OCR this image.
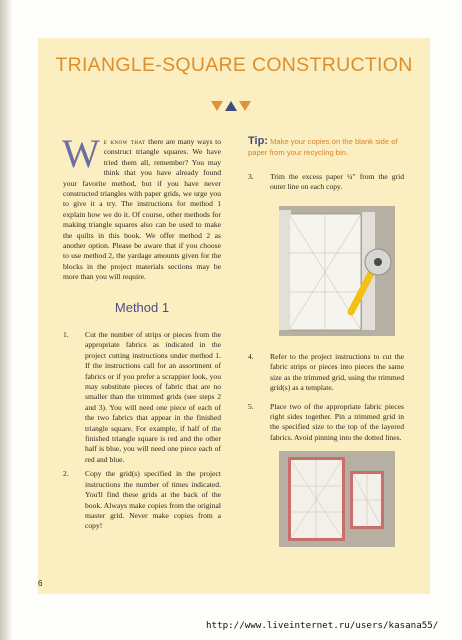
TRIANGLE-SQUARE CONSTRUCTION
We know that there are many ways to construct triangle squares. We have tried them all, remember? You may think that you have already found your favorite method, but if you have never constructed triangles with paper grids, we urge you to give it a try. The instructions for method 1 explain how we do it. Of course, other methods for making triangle squares also can be used to make the quilts in this book. We offer method 2 as another option. Please be aware that if you choose to use method 2, the yardage amounts given for the blocks in the project materials sections may be more than you will require.
Method 1
1.	Cut the number of strips or pieces from the appropriate fabrics as indicated in the project cutting instructions under method 1. If the instructions call for an assortment of fabrics or if you prefer a scrappier look, you may substitute pieces of fabric that are no smaller than the trimmed grids (see steps 2 and 3). You will need one piece of each of the two fabrics that appear in the finished triangle square. For example, if half of the finished triangle square is red and the other half is blue, you will need one piece each of red and blue.
2.	Copy the grid(s) specified in the project instructions the number of times indicated. You'll find these grids at the back of the book. Always make copies from the original master grid. Never make copies from a copy!
Tip: Make your copies on the blank side of paper from your recycling bin.
3.	Trim the excess paper ¼" from the grid outer line on each copy.
4.	Refer to the project instructions to cut the fabric strips or pieces into pieces the same size as the trimmed grid, using the trimmed grid(s) as a template.
5.	Place two of the appropriate fabric pieces right sides together. Pin a trimmed grid in the specified size to the top of the layered fabrics. Avoid pinning into the dotted lines.
6
http://www.liveinternet.ru/users/kasana55/
